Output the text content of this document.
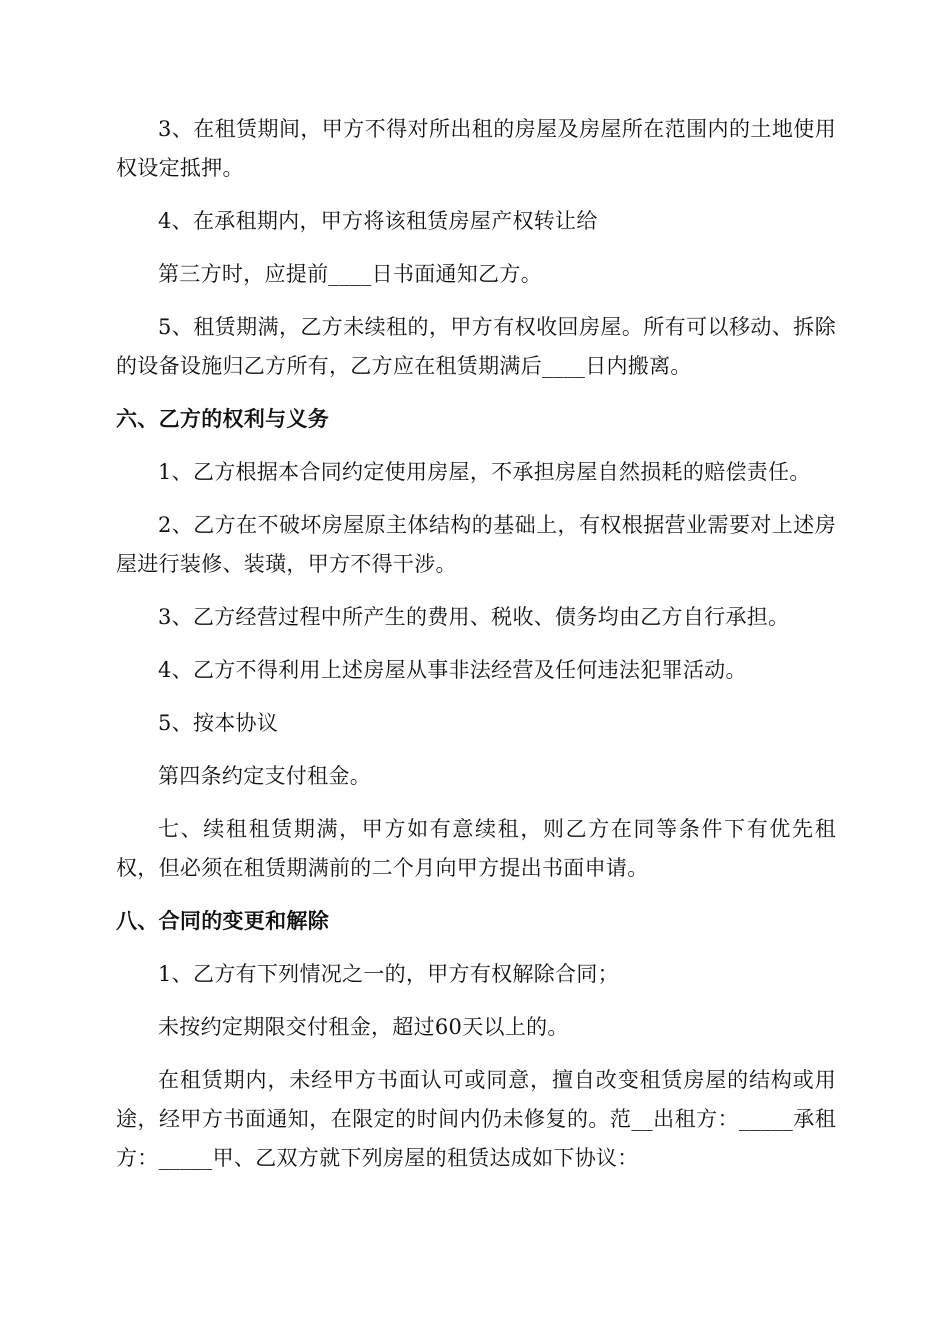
3、在租赁期间，甲方不得对所出租的房屋及房屋所在范围内的土地使用权设定抵押。

4、在承租期内，甲方将该租赁房屋产权转让给

第三方时，应提前____日书面通知乙方。

5、租赁期满，乙方未续租的，甲方有权收回房屋。所有可以移动、拆除的设备设施归乙方所有，乙方应在租赁期满后____日内搬离。

六、乙方的权利与义务

1、乙方根据本合同约定使用房屋，不承担房屋自然损耗的赔偿责任。

2、乙方在不破坏房屋原主体结构的基础上，有权根据营业需要对上述房屋进行装修、装璜，甲方不得干涉。

3、乙方经营过程中所产生的费用、税收、债务均由乙方自行承担。

4、乙方不得利用上述房屋从事非法经营及任何违法犯罪活动。

5、按本协议

第四条约定支付租金。

七、续租租赁期满，甲方如有意续租，则乙方在同等条件下有优先租权，但必须在租赁期满前的二个月向甲方提出书面申请。

八、合同的变更和解除

1、乙方有下列情况之一的，甲方有权解除合同；

未按约定期限交付租金，超过60天以上的。

在租赁期内，未经甲方书面认可或同意，擅自改变租赁房屋的结构或用途，经甲方书面通知，在限定的时间内仍未修复的。范__出租方：_____承租方：_____甲、乙双方就下列房屋的租赁达成如下协议：
